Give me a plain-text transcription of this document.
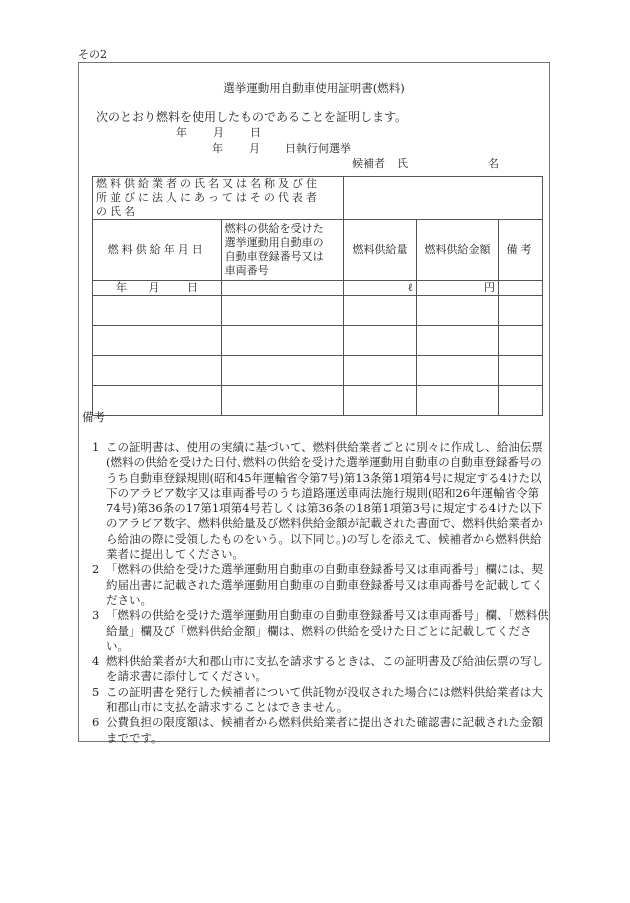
その2
選挙運動用自動車使用証明書(燃料)
次のとおり燃料を使用したものであることを証明します。
年 月 日
年 月 日執行何選挙
候補者 氏	名
燃料供給業者の氏名又は名称及び住所並びに法人にあってはその代表者の氏名				

燃料供給年月日	燃料の供給を受けた
選挙運動用自動車の
自動車登録番号又は
車両番号	燃料供給量	燃料供給金額	備考
年 月 日		ℓ	円	

備考
1 この証明書は、使用の実績に基づいて、燃料供給業者ごとに別々に作成し、給油伝票(燃料の供給を受けた日付､燃料の供給を受けた選挙運動用自動車の自動車登録番号のうち自動車登録規則(昭和45年運輸省令第7号)第13条第1項第4号に規定する4けた以下のアラビア数字又は車両番号のうち道路運送車両法施行規則(昭和26年運輸省令第74号)第36条の17第1項第4号若しくは第36条の18第1項第3号に規定する4けた以下のアラビア数字、燃料供給量及び燃料供給金額が記載された書面で、燃料供給業者から給油の際に受領したものをいう。以下同じ。)の写しを添えて、候補者から燃料供給業者に提出してください。
2 「燃料の供給を受けた選挙運動用自動車の自動車登録番号又は車両番号」欄には、契約届出書に記載された選挙運動用自動車の自動車登録番号又は車両番号を記載してください。
3 「燃料の供給を受けた選挙運動用自動車の自動車登録番号又は車両番号」欄、「燃料供給量」欄及び「燃料供給金額」欄は、燃料の供給を受けた日ごとに記載してください。
4 燃料供給業者が大和郡山市に支払を請求するときは、この証明書及び給油伝票の写しを請求書に添付してください。
5 この証明書を発行した候補者について供託物が没収された場合には燃料供給業者は大和郡山市に支払を請求することはできません。
6 公費負担の限度額は、候補者から燃料供給業者に提出された確認書に記載された金額までです。
